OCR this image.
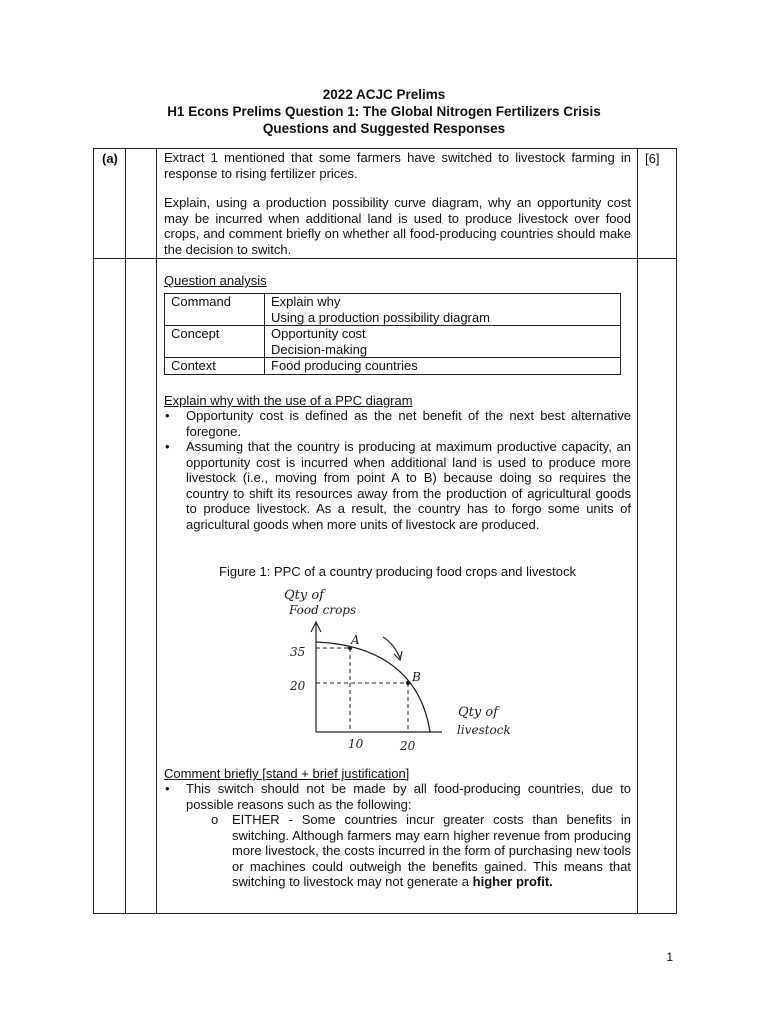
2022 ACJC Prelims
H1 Econs Prelims Question 1: The Global Nitrogen Fertilizers Crisis
Questions and Suggested Responses
(a)	[6]
Extract 1 mentioned that some farmers have switched to livestock farming in response to rising fertilizer prices.
Explain, using a production possibility curve diagram, why an opportunity cost may be incurred when additional land is used to produce livestock over food crops, and comment briefly on whether all food-producing countries should make the decision to switch.
Question analysis
Command	Explain why
Using a production possibility diagram

Concept	Opportunity cost
Decision-making

Context	Food producing countries
Explain why with the use of a PPC diagram
• Opportunity cost is defined as the net benefit of the next best alternative foregone.
• Assuming that the country is producing at maximum productive capacity, an opportunity cost is incurred when additional land is used to produce more livestock (i.e., moving from point A to B) because doing so requires the country to shift its resources away from the production of agricultural goods to produce livestock. As a result, the country has to forgo some units of agricultural goods when more units of livestock are produced.
Figure 1: PPC of a country producing food crops and livestock
Qty of
Food crops
A
B
35
20
10	20
Qty of
livestock
Comment briefly [stand + brief justification]
• This switch should not be made by all food-producing countries, due to possible reasons such as the following:
o EITHER - Some countries incur greater costs than benefits in switching. Although farmers may earn higher revenue from producing more livestock, the costs incurred in the form of purchasing new tools or machines could outweigh the benefits gained. This means that switching to livestock may not generate a higher profit.
1
